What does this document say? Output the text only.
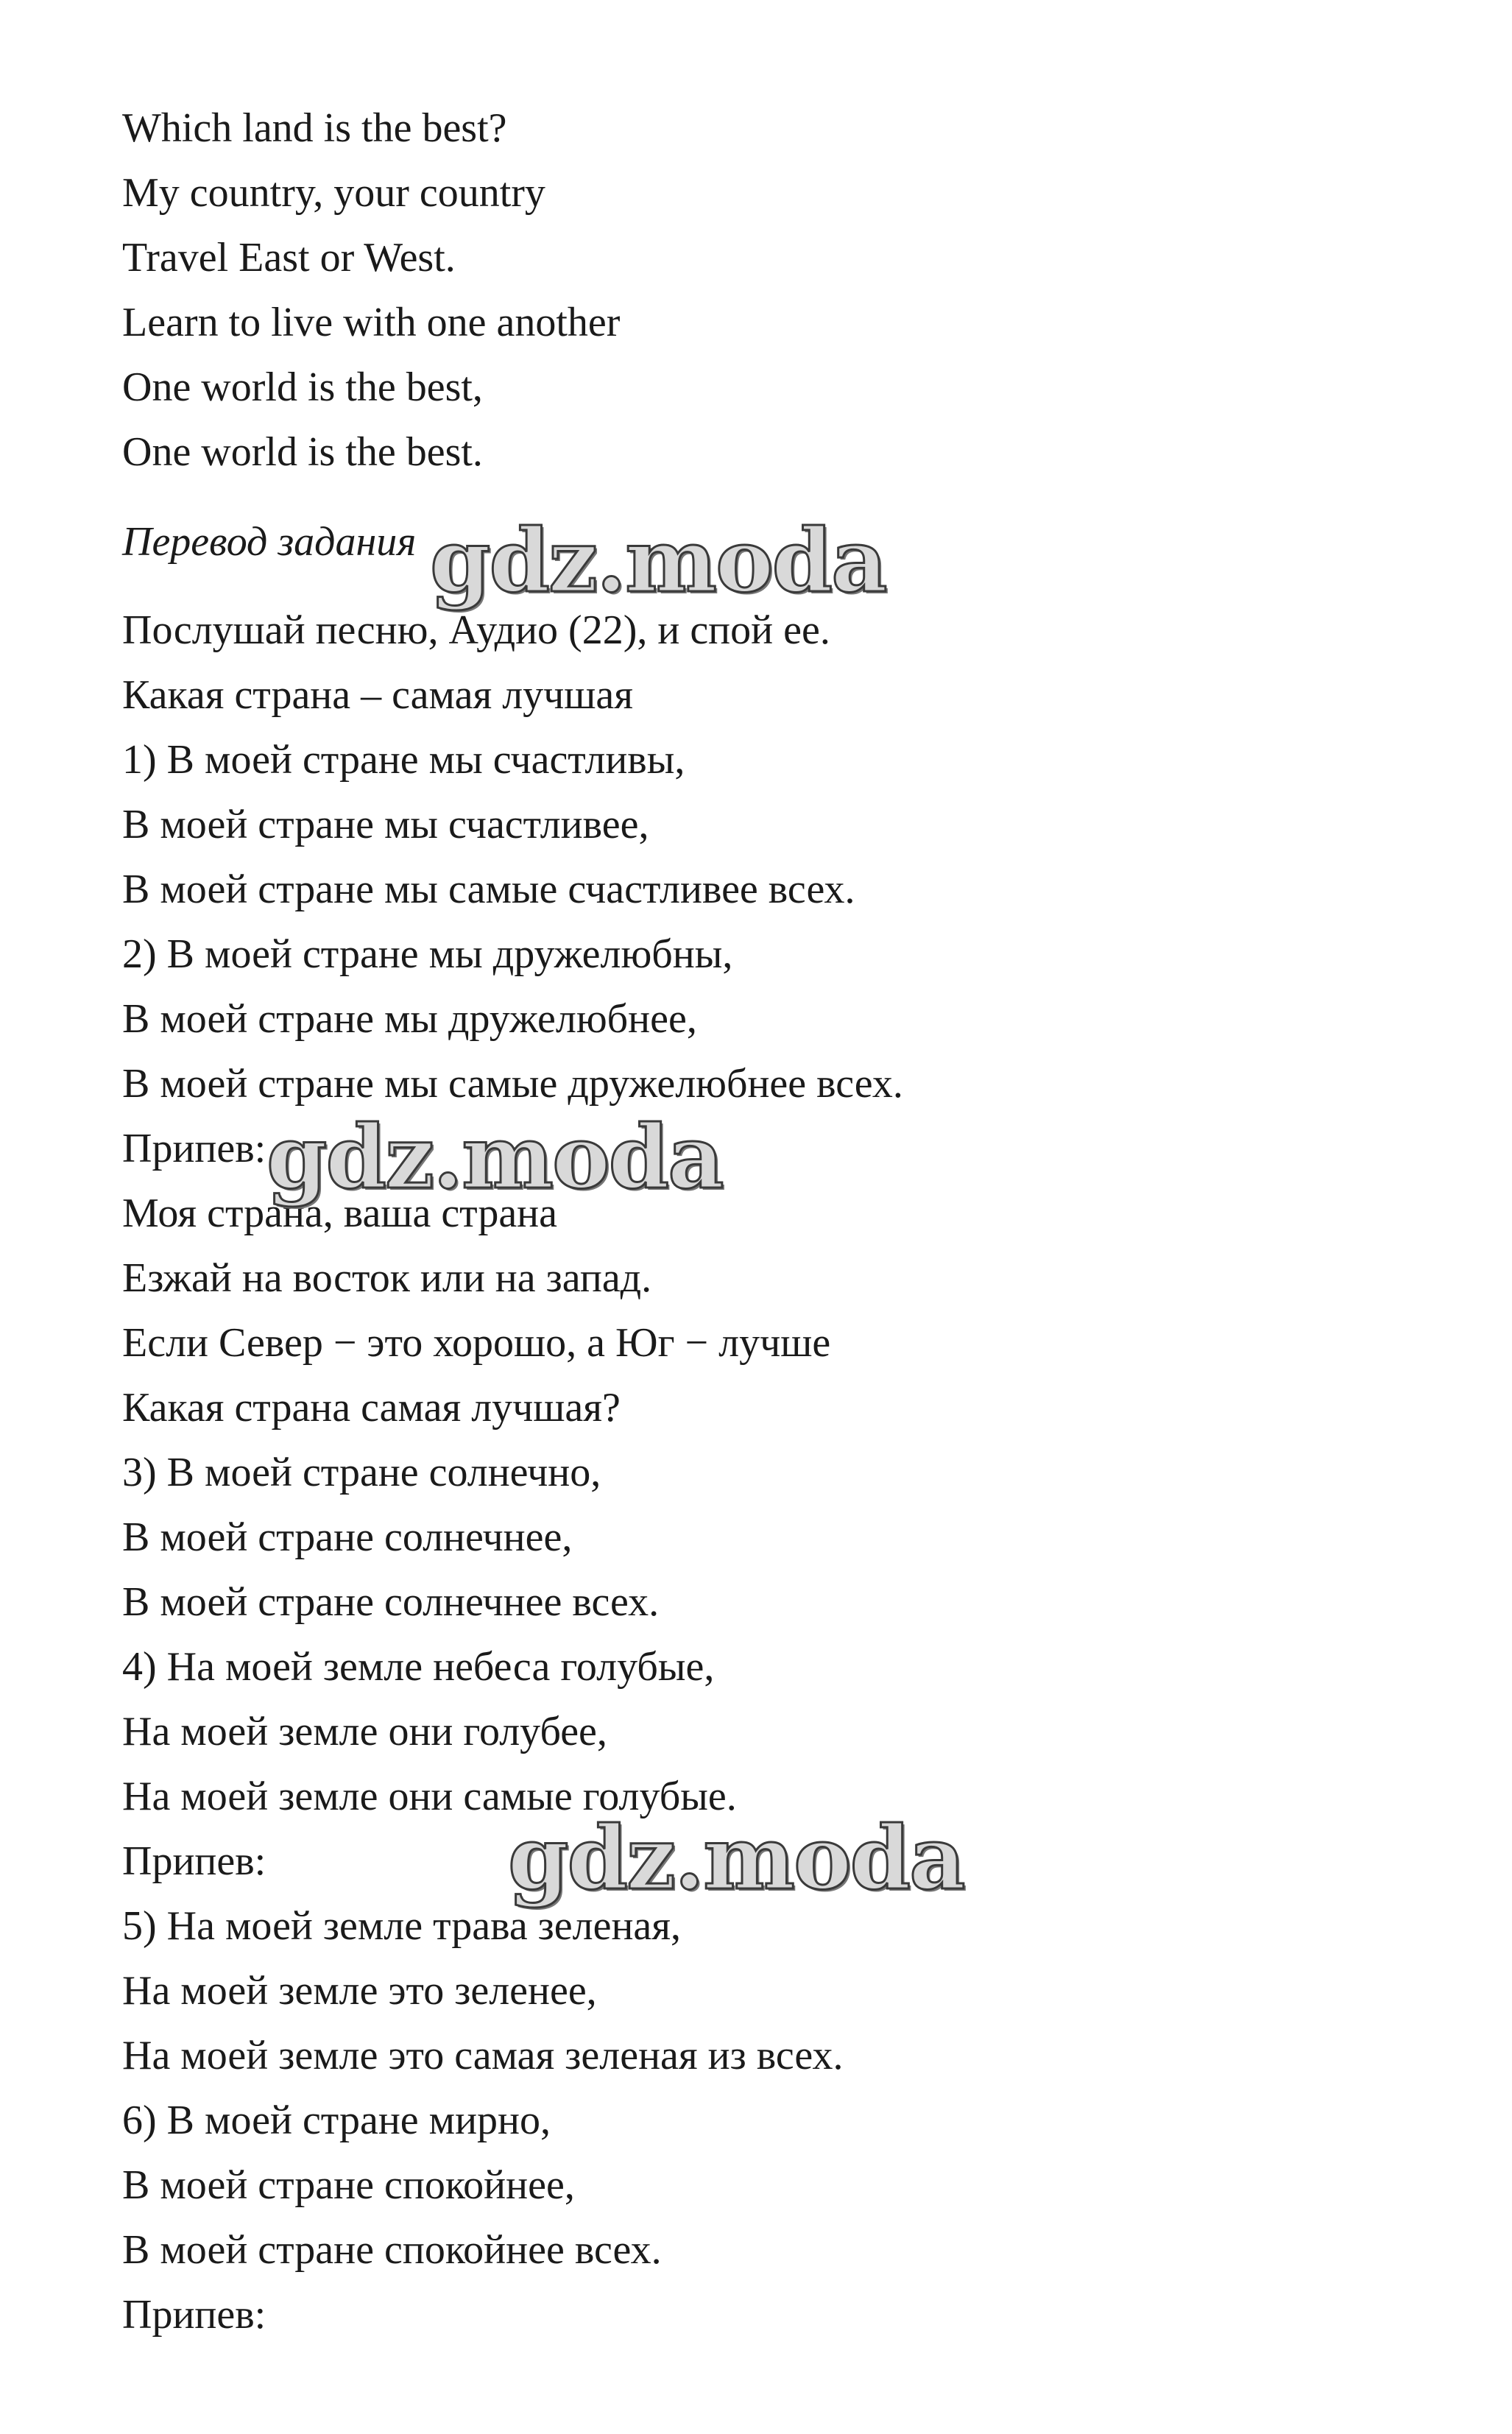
Which land is the best?
My country, your country
Travel East or West.
Learn to live with one another
One world is the best,
One world is the best.
Перевод задания
Послушай песню, Аудио (22), и спой ее.
Какая страна – самая лучшая
1) В моей стране мы счастливы,
В моей стране мы счастливее,
В моей стране мы самые счастливее всех.
2) В моей стране мы дружелюбны,
В моей стране мы дружелюбнее,
В моей стране мы самые дружелюбнее всех.
Припев:
Моя страна, ваша страна
Езжай на восток или на запад.
Если Север − это хорошо, а Юг − лучше
Какая страна самая лучшая?
3) В моей стране солнечно,
В моей стране солнечнее,
В моей стране солнечнее всех.
4) На моей земле небеса голубые,
На моей земле они голубее,
На моей земле они самые голубые.
Припев:
5) На моей земле трава зеленая,
На моей земле это зеленее,
На моей земле это самая зеленая из всех.
6) В моей стране мирно,
В моей стране спокойнее,
В моей стране спокойнее всех.
Припев:
gdz.moda
gdz.moda
gdz.moda
